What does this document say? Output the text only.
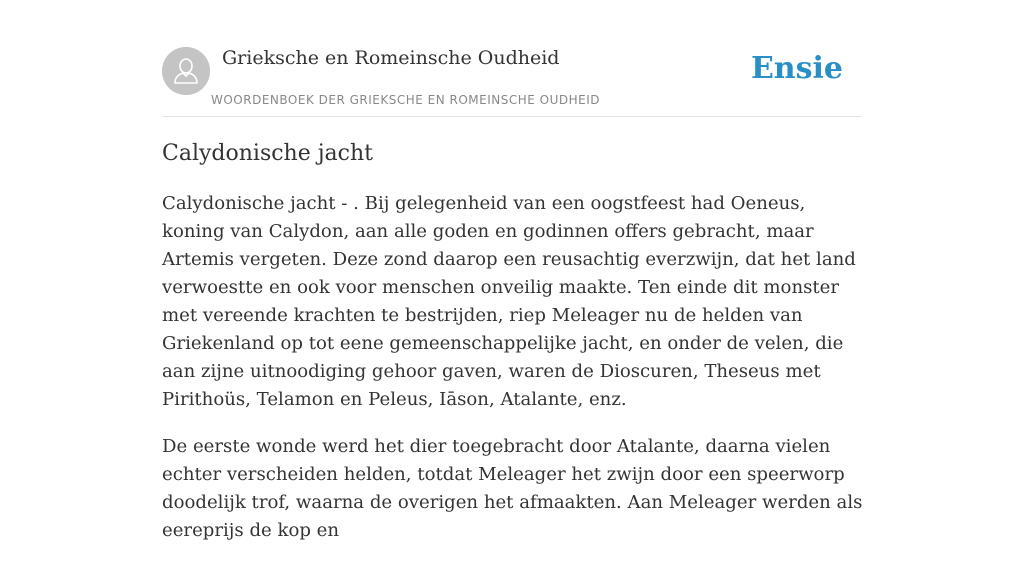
Grieksche en Romeinsche Oudheid
WOORDENBOEK DER GRIEKSCHE EN ROMEINSCHE OUDHEID
Ensie
Calydonische jacht

Calydonische jacht - . Bij gelegenheid van een oogstfeest had Oeneus, koning van Calydon, aan alle goden en godinnen offers gebracht, maar Artemis vergeten. Deze zond daarop een reusachtig everzwijn, dat het land verwoestte en ook voor menschen onveilig maakte. Ten einde dit monster met vereende krachten te bestrijden, riep Meleager nu de helden van Griekenland op tot eene gemeenschappelijke jacht, en onder de velen, die aan zijne uitnoodiging gehoor gaven, waren de Dioscuren, Theseus met Pirithoüs, Telamon en Peleus, Iāson, Atalante, enz.

De eerste wonde werd het dier toegebracht door Atalante, daarna vielen echter verscheiden helden, totdat Meleager het zwijn door een speerworp doodelijk trof, waarna de overigen het afmaakten. Aan Meleager werden als eereprijs de kop en
